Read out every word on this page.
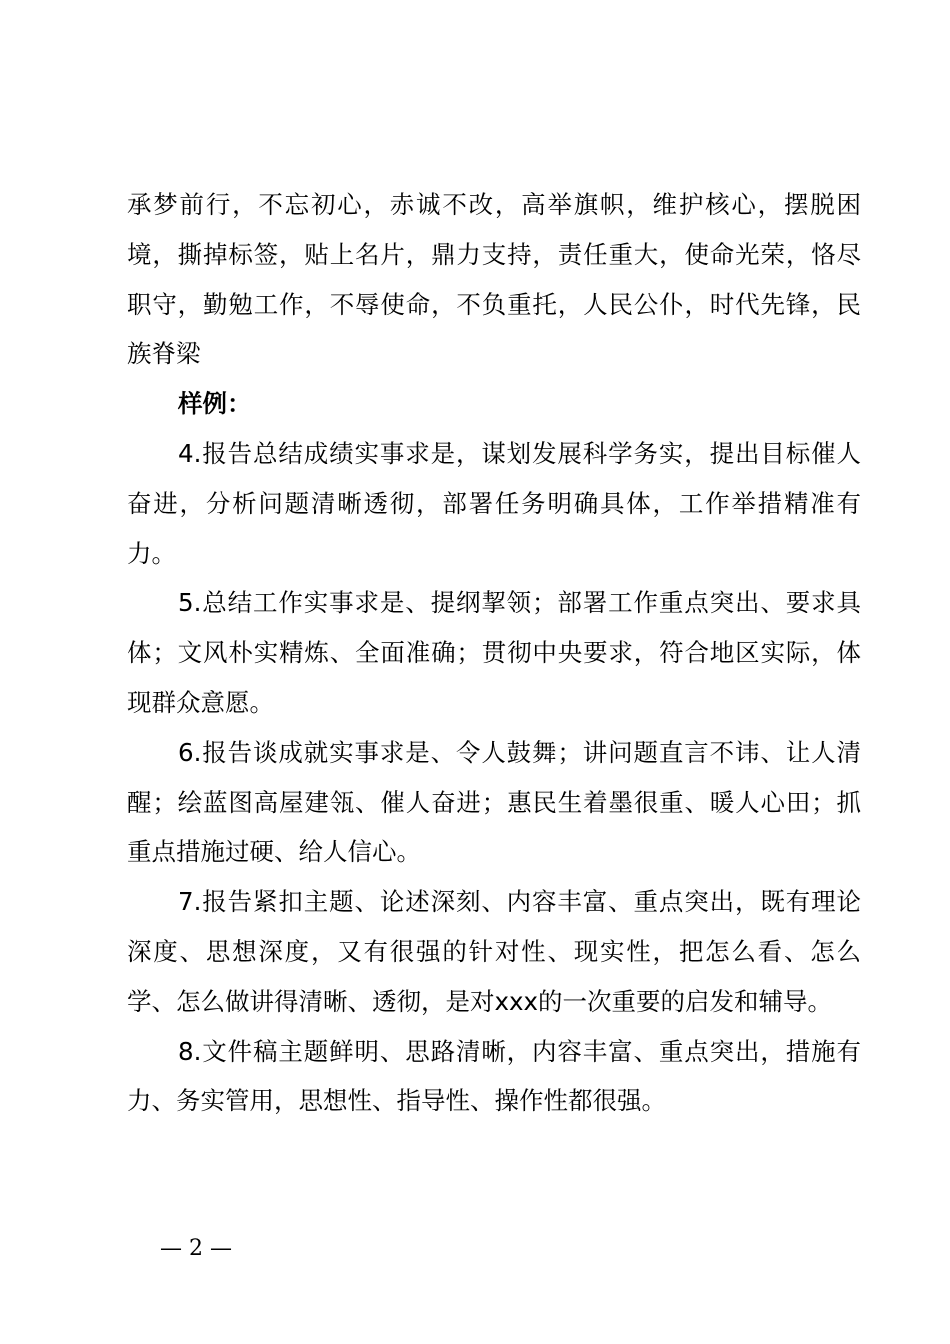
承梦前行，不忘初心，赤诚不改，高举旗帜，维护核心，摆脱困境，撕掉标签，贴上名片，鼎力支持，责任重大，使命光荣，恪尽职守，勤勉工作，不辱使命，不负重托，人民公仆，时代先锋，民族脊梁

样例：

4.报告总结成绩实事求是，谋划发展科学务实，提出目标催人奋进，分析问题清晰透彻，部署任务明确具体，工作举措精准有力。

5.总结工作实事求是、提纲挈领；部署工作重点突出、要求具体；文风朴实精炼、全面准确；贯彻中央要求，符合地区实际，体现群众意愿。

6.报告谈成就实事求是、令人鼓舞；讲问题直言不讳、让人清醒；绘蓝图高屋建瓴、催人奋进；惠民生着墨很重、暖人心田；抓重点措施过硬、给人信心。

7.报告紧扣主题、论述深刻、内容丰富、重点突出，既有理论深度、思想深度，又有很强的针对性、现实性，把怎么看、怎么学、怎么做讲得清晰、透彻，是对xxx的一次重要的启发和辅导。

8.文件稿主题鲜明、思路清晰，内容丰富、重点突出，措施有力、务实管用，思想性、指导性、操作性都很强。

— 2 —
